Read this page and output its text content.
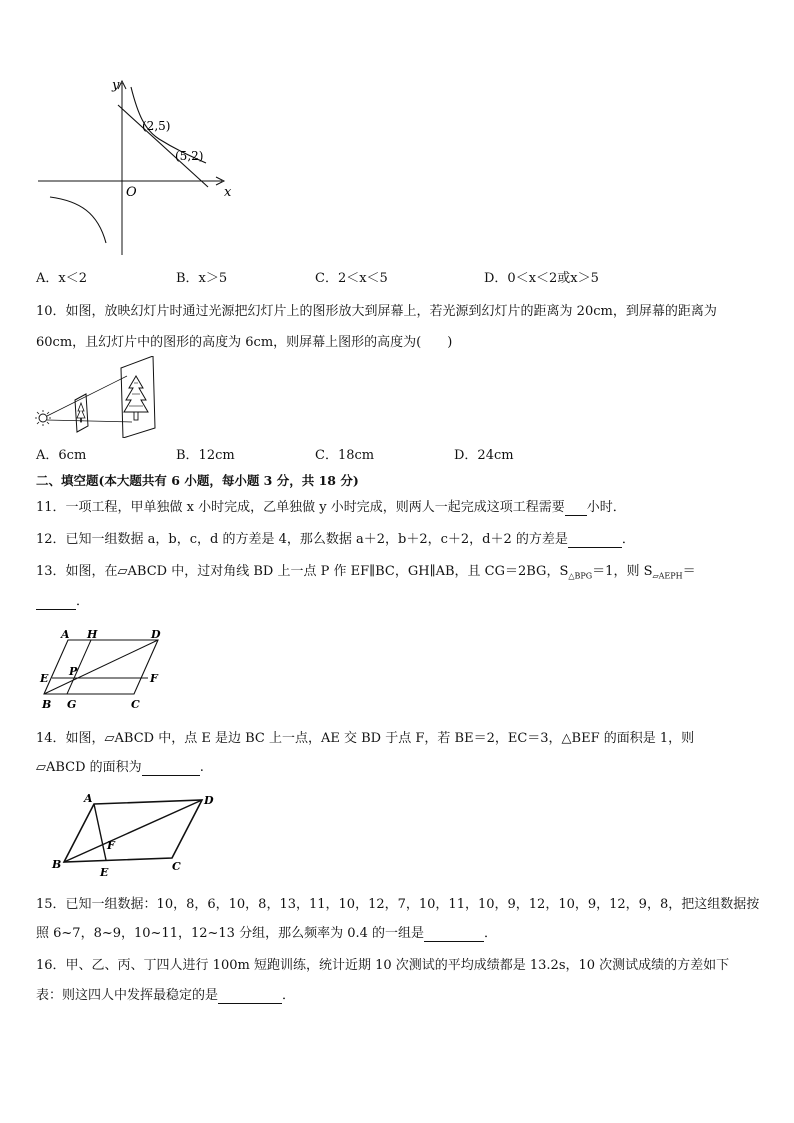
y
x
O
(2,5)
(5,2)
A．x＜2	B．x＞5	C．2＜x＜5	D．0＜x＜2或x＞5
10．如图，放映幻灯片时通过光源把幻灯片上的图形放大到屏幕上，若光源到幻灯片的距离为 20cm，到屏幕的距离为
60cm，且幻灯片中的图形的高度为 6cm，则屏幕上图形的高度为(　　)
A．6cm	B．12cm	C．18cm	D．24cm
二、填空题(本大题共有 6 小题，每小题 3 分，共 18 分)
11．一项工程，甲单独做 x 小时完成，乙单独做 y 小时完成，则两人一起完成这项工程需要 小时．
12．已知一组数据 a，b，c，d 的方差是 4，那么数据 a＋2，b＋2，c＋2，d＋2 的方差是	．
13．如图，在▱ABCD 中，过对角线 BD 上一点 P 作 EF∥BC，GH∥AB，且 CG＝2BG，$S_{\triangle BPG}=1$，则 $S_{▱AEPH}=$
．
A H	D
E
P
F
B G	C
14．如图，▱ABCD 中，点 E 是边 BC 上一点，AE 交 BD 于点 F，若 BE＝2，EC＝3，△BEF 的面积是 1，则
▱ABCD 的面积为	.
A	D
F
B
E	C
15．已知一组数据：10，8，6，10，8，13，11，10，12，7，10，11，10，9，12，10，9，12，9，8，把这组数据按
照 6~7，8~9，10~11，12~13 分组，那么频率为 0.4 的一组是	．
16．甲、乙、丙、丁四人进行 100m 短跑训练，统计近期 10 次测试的平均成绩都是 13.2s，10 次测试成绩的方差如下
表：则这四人中发挥最稳定的是	．
